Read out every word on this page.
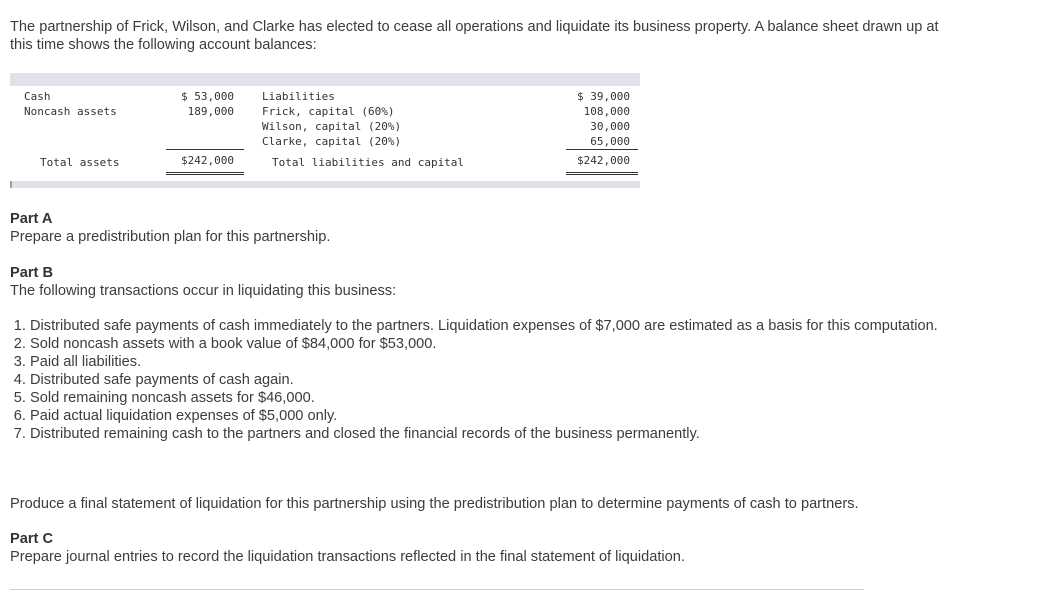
The partnership of Frick, Wilson, and Clarke has elected to cease all operations and liquidate its business property. A balance sheet drawn up at this time shows the following account balances:
Cash
Noncash assets
$ 53,000
189,000
Total assets	$242,000
Liabilities
Frick, capital (60%)
Wilson, capital (20%)
Clarke, capital (20%)
$ 39,000
108,000
30,000
65,000
Total liabilities and capital	$242,000
Part A
Prepare a predistribution plan for this partnership.
Part B
The following transactions occur in liquidating this business:
1. Distributed safe payments of cash immediately to the partners. Liquidation expenses of $7,000 are estimated as a basis for this computation.
2. Sold noncash assets with a book value of $84,000 for $53,000.
3. Paid all liabilities.
4. Distributed safe payments of cash again.
5. Sold remaining noncash assets for $46,000.
6. Paid actual liquidation expenses of $5,000 only.
7. Distributed remaining cash to the partners and closed the financial records of the business permanently.
Produce a final statement of liquidation for this partnership using the predistribution plan to determine payments of cash to partners.
Part C
Prepare journal entries to record the liquidation transactions reflected in the final statement of liquidation.
